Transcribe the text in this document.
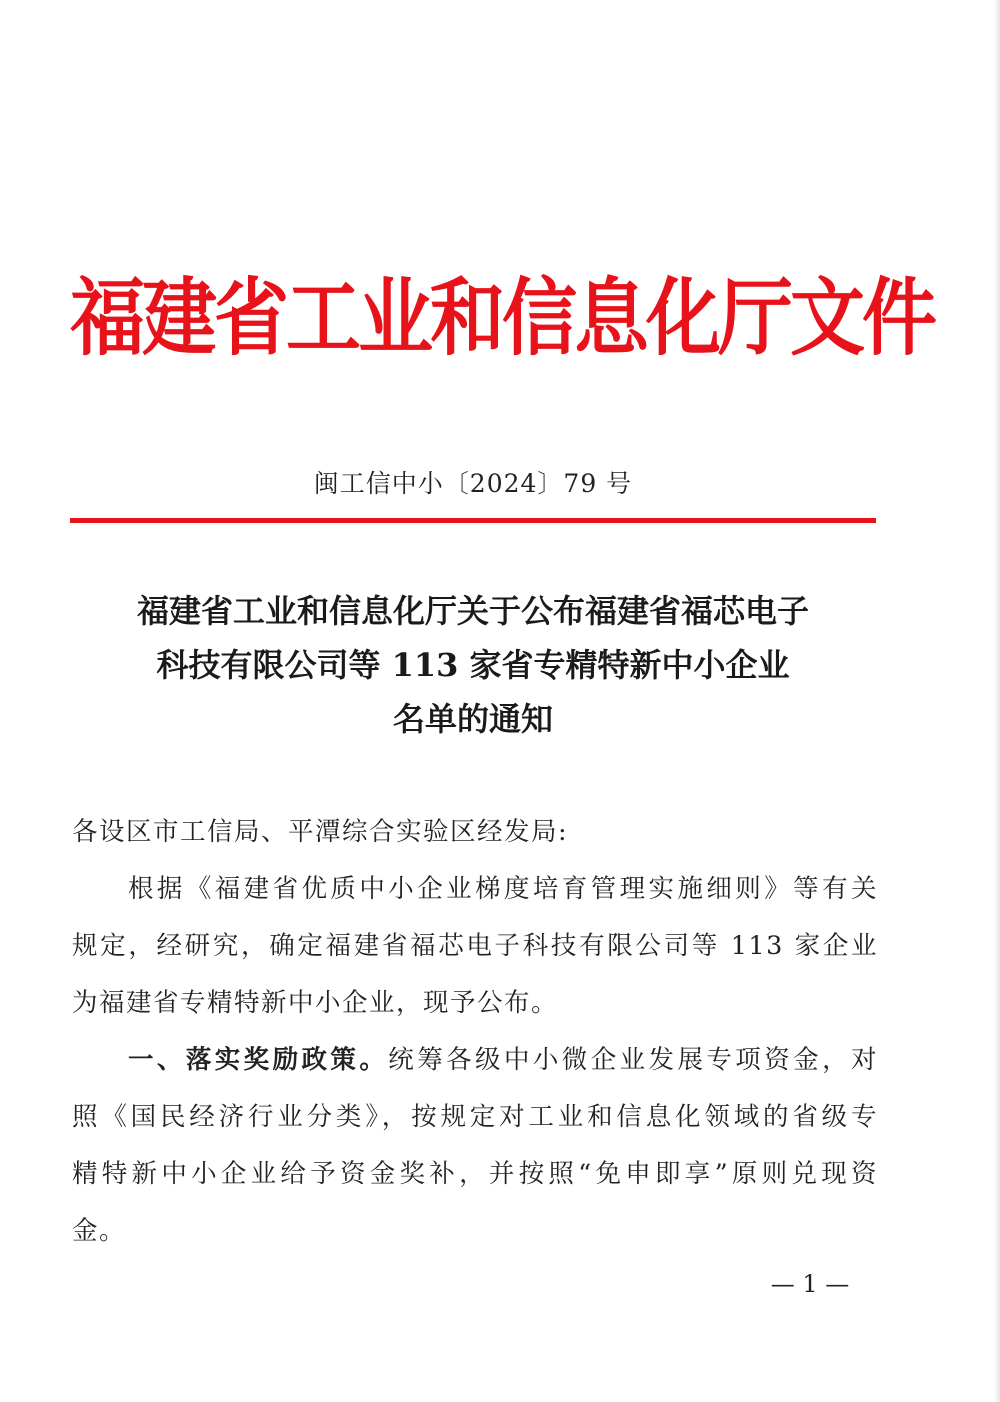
福建省工业和信息化厅文件
闽工信中小〔2024〕79 号
福建省工业和信息化厅关于公布福建省福芯电子
科技有限公司等 113 家省专精特新中小企业
名单的通知
各设区市工信局、平潭综合实验区经发局:
根据《福建省优质中小企业梯度培育管理实施细则》等有关
规定，经研究，确定福建省福芯电子科技有限公司等 113 家企业
为福建省专精特新中小企业，现予公布。
一、落实奖励政策。统筹各级中小微企业发展专项资金，对
照《国民经济行业分类》，按规定对工业和信息化领域的省级专
精特新中小企业给予资金奖补，并按照“免申即享”原则兑现资
金。
— 1 —
